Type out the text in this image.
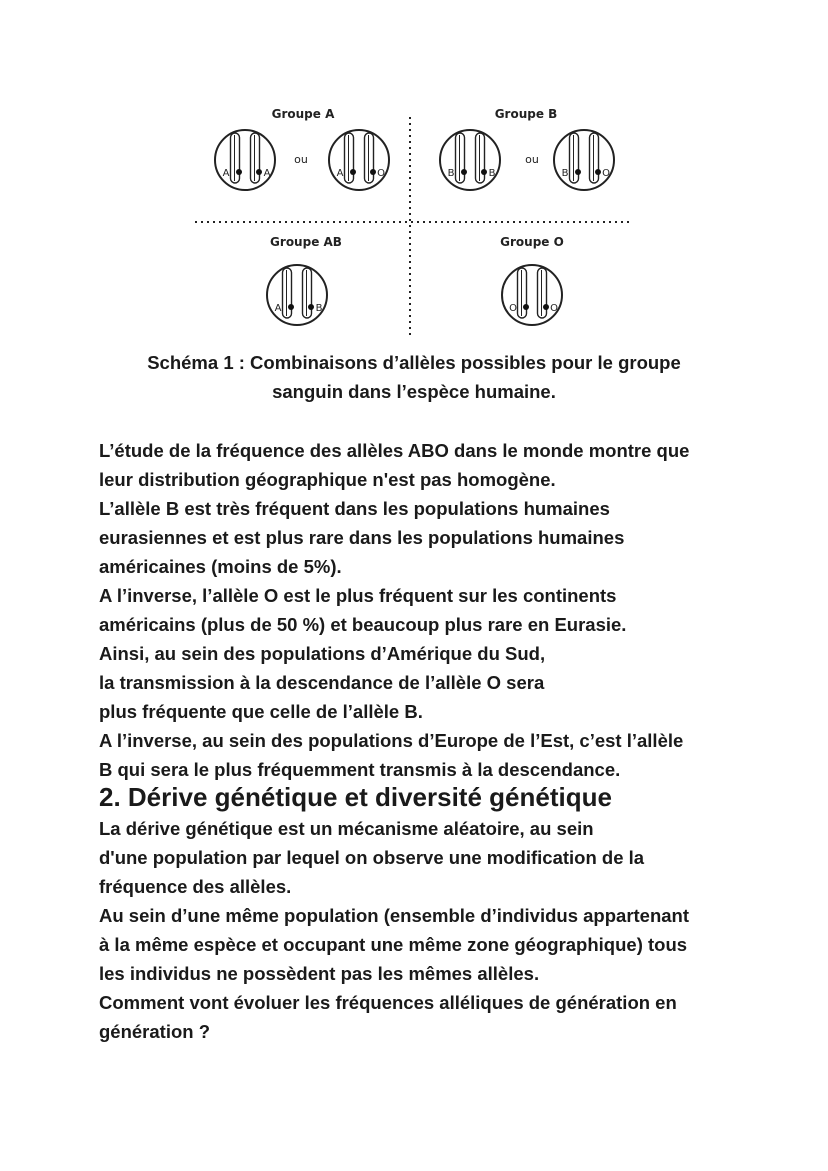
Groupe A
ou
A	A	A	O
Groupe B
ou
B	B	B	O
Groupe AB
A	B
Groupe O
O	O
Schéma 1 : Combinaisons d’allèles possibles pour le groupe
sanguin dans l’espèce humaine.
L’étude de la fréquence des allèles ABO dans le monde montre que
leur distribution géographique n'est pas homogène.
L’allèle B est très fréquent dans les populations humaines
eurasiennes et est plus rare dans les populations humaines
américaines (moins de 5%).
A l’inverse, l’allèle O est le plus fréquent sur les continents
américains (plus de 50 %) et beaucoup plus rare en Eurasie.
Ainsi, au sein des populations d’Amérique du Sud,
la transmission à la descendance de l’allèle O sera
plus fréquente que celle de l’allèle B.
A l’inverse, au sein des populations d’Europe de l’Est, c’est l’allèle
B qui sera le plus fréquemment transmis à la descendance.
2. Dérive génétique et diversité génétique
La dérive génétique est un mécanisme aléatoire, au sein
d'une population par lequel on observe une modification de la
fréquence des allèles.
Au sein d’une même population (ensemble d’individus appartenant
à la même espèce et occupant une même zone géographique) tous
les individus ne possèdent pas les mêmes allèles.
Comment vont évoluer les fréquences alléliques de génération en
génération ?
